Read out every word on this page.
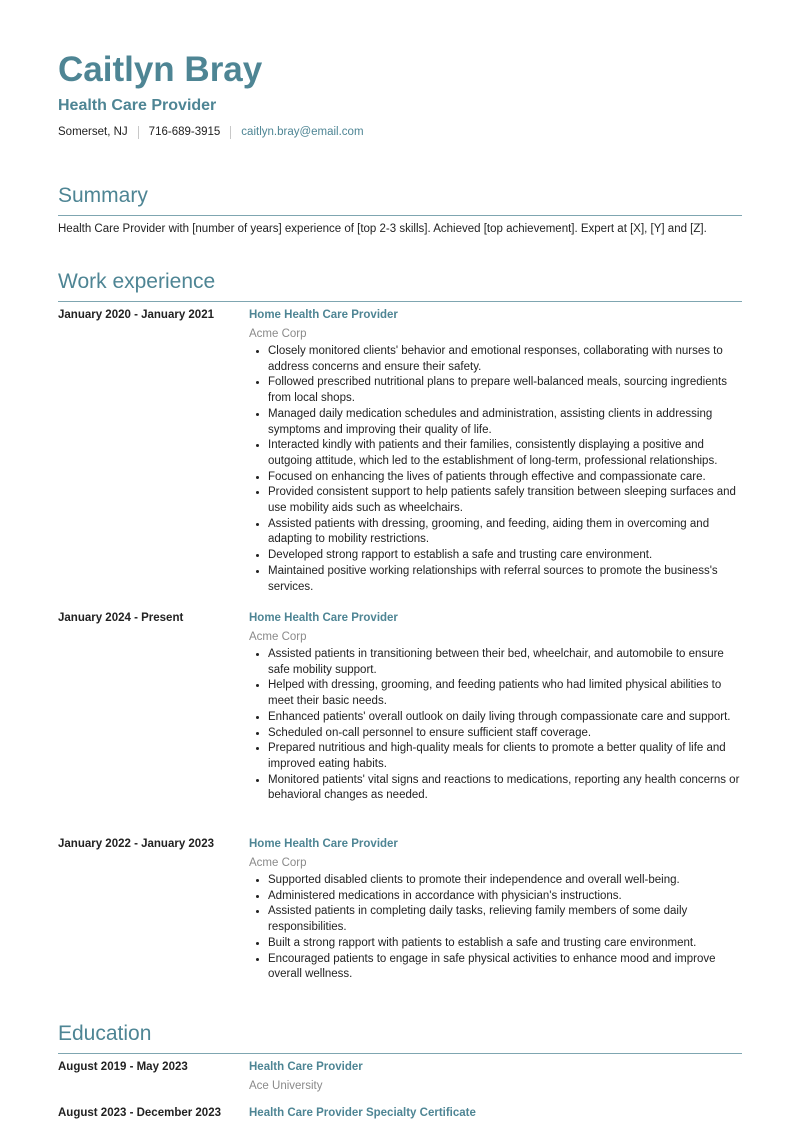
Caitlyn Bray
Health Care Provider
Somerset, NJ 716-689-3915 caitlyn.bray@email.com
Summary

Health Care Provider with [number of years] experience of [top 2-3 skills]. Achieved [top achievement]. Expert at [X], [Y] and [Z].

Work experience
January 2020 - January 2021	Home Health Care Provider

Acme Corp

• Closely monitored clients' behavior and emotional responses, collaborating with nurses to address concerns and ensure their safety.
• Followed prescribed nutritional plans to prepare well-balanced meals, sourcing ingredients from local shops.
• Managed daily medication schedules and administration, assisting clients in addressing symptoms and improving their quality of life.
• Interacted kindly with patients and their families, consistently displaying a positive and outgoing attitude, which led to the establishment of long-term, professional relationships.
• Focused on enhancing the lives of patients through effective and compassionate care.
• Provided consistent support to help patients safely transition between sleeping surfaces and use mobility aids such as wheelchairs.
• Assisted patients with dressing, grooming, and feeding, aiding them in overcoming and adapting to mobility restrictions.
• Developed strong rapport to establish a safe and trusting care environment.
• Maintained positive working relationships with referral sources to promote the business's services.
January 2024 - Present	Home Health Care Provider

Acme Corp

• Assisted patients in transitioning between their bed, wheelchair, and automobile to ensure safe mobility support.
• Helped with dressing, grooming, and feeding patients who had limited physical abilities to meet their basic needs.
• Enhanced patients' overall outlook on daily living through compassionate care and support.
• Scheduled on-call personnel to ensure sufficient staff coverage.
• Prepared nutritious and high-quality meals for clients to promote a better quality of life and improved eating habits.
• Monitored patients' vital signs and reactions to medications, reporting any health concerns or behavioral changes as needed.
January 2022 - January 2023	Home Health Care Provider

Acme Corp

• Supported disabled clients to promote their independence and overall well-being.
• Administered medications in accordance with physician's instructions.
• Assisted patients in completing daily tasks, relieving family members of some daily responsibilities.
• Built a strong rapport with patients to establish a safe and trusting care environment.
• Encouraged patients to engage in safe physical activities to enhance mood and improve overall wellness.
Education
August 2019 - May 2023	Health Care Provider

Ace University

August 2023 - December 2023	Health Care Provider Specialty Certificate
